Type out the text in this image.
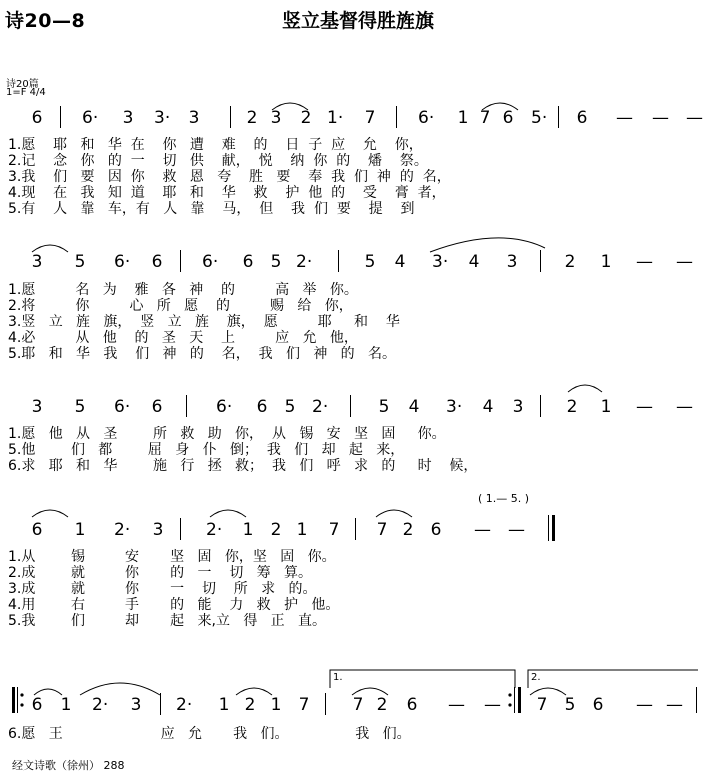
诗20—8	竖立基督得胜旌旗
诗20篇
1=F 4/4
( 1.— 5. )
经文诗歌（徐州） 288
6 6· 3 3· 3	2 3 2 1· 7	6· 1 7 6 5· 6 — — —
1.愿    耶   和   华  在    你   遭    难    的    日  子  应    允    你，
2.记    念   你   的  一    切   供    献，  悦    纳  你  的    燔    祭。
3.我    们   要   因  你    救   恩   夸    胜   要    奉  我  们  神  的  名，
4.现    在   我   知  道    耶   和    华    救    护  他  的    受    膏  者，
5.有    人   靠   车，有   人   靠    马，  但    我  们  要    提    到
3 5 6· 6 6· 6 5 2·	5 4 3· 4 3	2 1 — —
1.愿         名   为    雅   各   神    的         高   举   你。
2.将         你         心   所   愿    的         赐   给   你，
3.竖   立   旌   旗，  竖   立   旌    旗，  愿         耶     和    华
4.必         从   他    的   圣   天    上         应   允   他，
5.耶   和   华   我    们   神   的    名，  我   们   神   的   名。
3 5 6· 6	6· 6 5 2·	5 4 3· 4 3	2 1 — —
1.愿   他   从   圣        所   救   助   你，  从   锡   安   坚   固     你。
5.他        们   都        屈   身   仆   倒；  我   们   却   起   来，
6.求   耶   和   华        施   行   拯   救；  我   们   呼   求   的     时    候，
6 1 2· 3	2· 1 2 1 7 7 2 6 — —
1.从        锡         安       坚   固   你，坚   固   你。
2.成        就         你       的   一    切   筹   算。
3.成        就         你       一    切    所   求   的。
4.用        右         手       的   能    力   救   护   他。
5.我        们         却       起   来,立   得   正   直。
6 1 2· 3 2· 1 2 1 7	7 2 6 — — 7 5 6 — —
6.愿   王                      应   允       我   们。               我   们。
1.	2.
